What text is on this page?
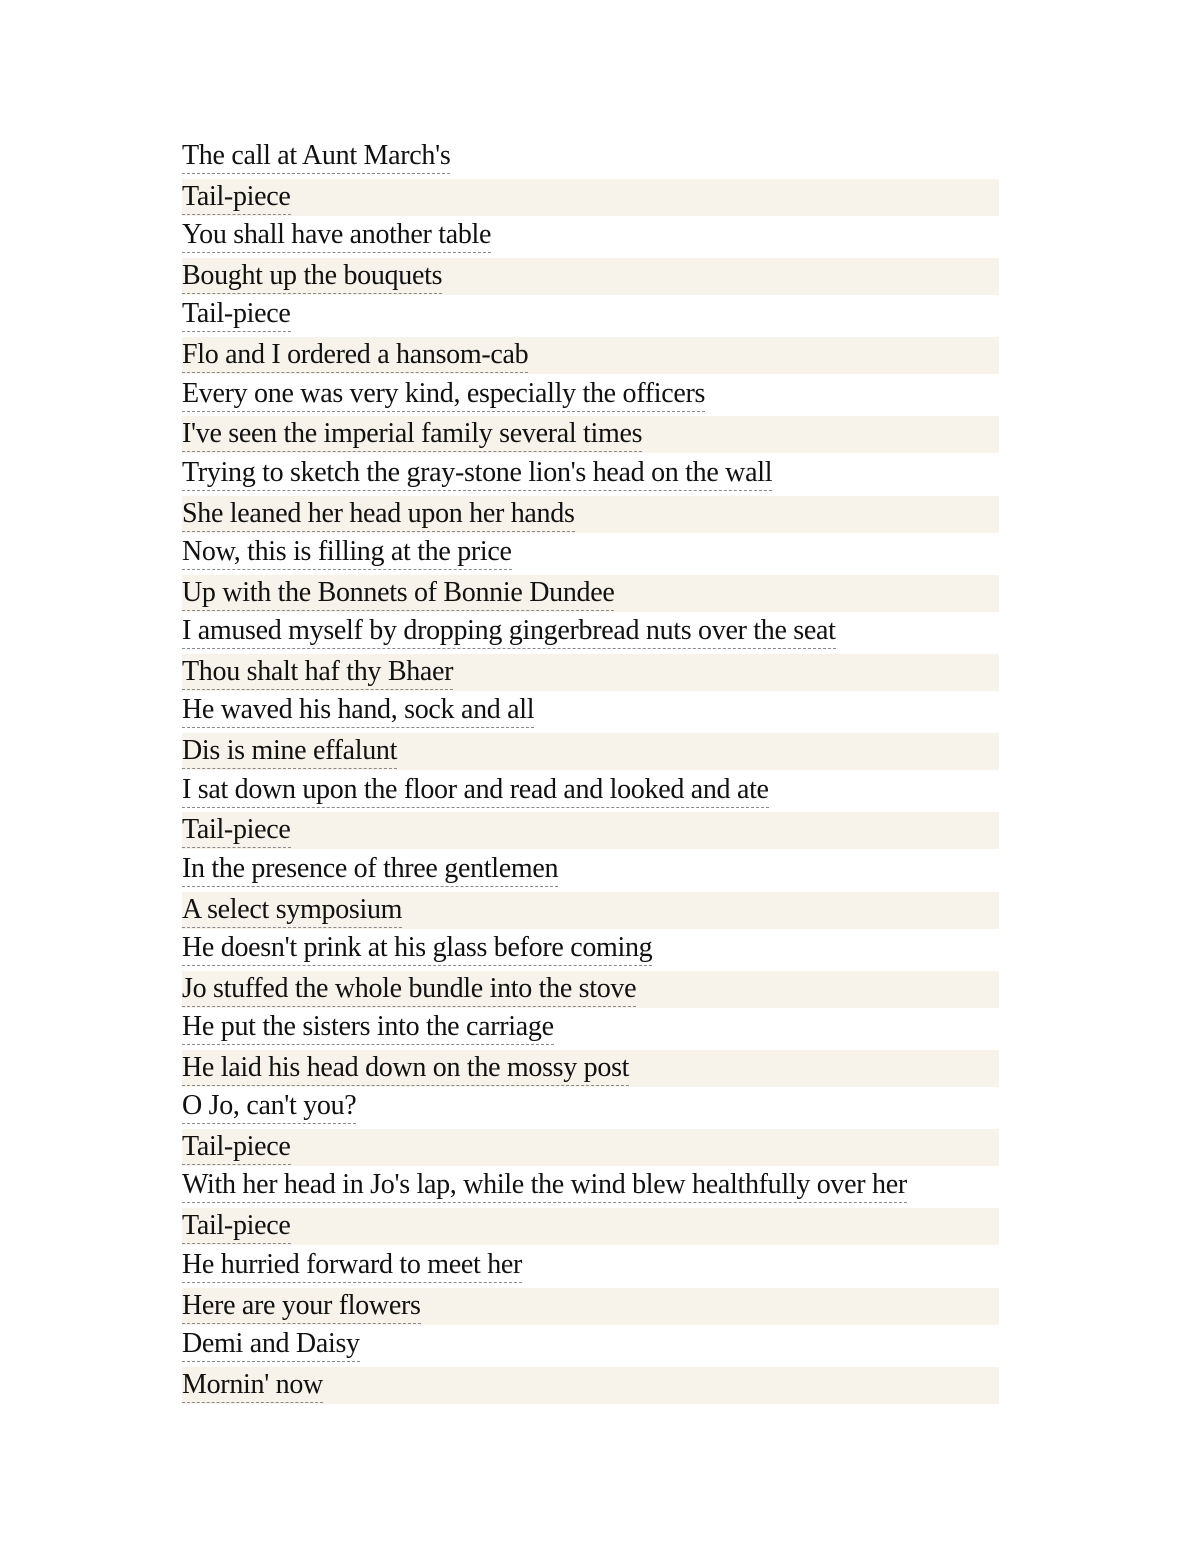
The call at Aunt March's
Tail-piece
You shall have another table
Bought up the bouquets
Tail-piece
Flo and I ordered a hansom-cab
Every one was very kind, especially the officers
I've seen the imperial family several times
Trying to sketch the gray-stone lion's head on the wall
She leaned her head upon her hands
Now, this is filling at the price
Up with the Bonnets of Bonnie Dundee
I amused myself by dropping gingerbread nuts over the seat
Thou shalt haf thy Bhaer
He waved his hand, sock and all
Dis is mine effalunt
I sat down upon the floor and read and looked and ate
Tail-piece
In the presence of three gentlemen
A select symposium
He doesn't prink at his glass before coming
Jo stuffed the whole bundle into the stove
He put the sisters into the carriage
He laid his head down on the mossy post
O Jo, can't you?
Tail-piece
With her head in Jo's lap, while the wind blew healthfully over her
Tail-piece
He hurried forward to meet her
Here are your flowers
Demi and Daisy
Mornin' now
